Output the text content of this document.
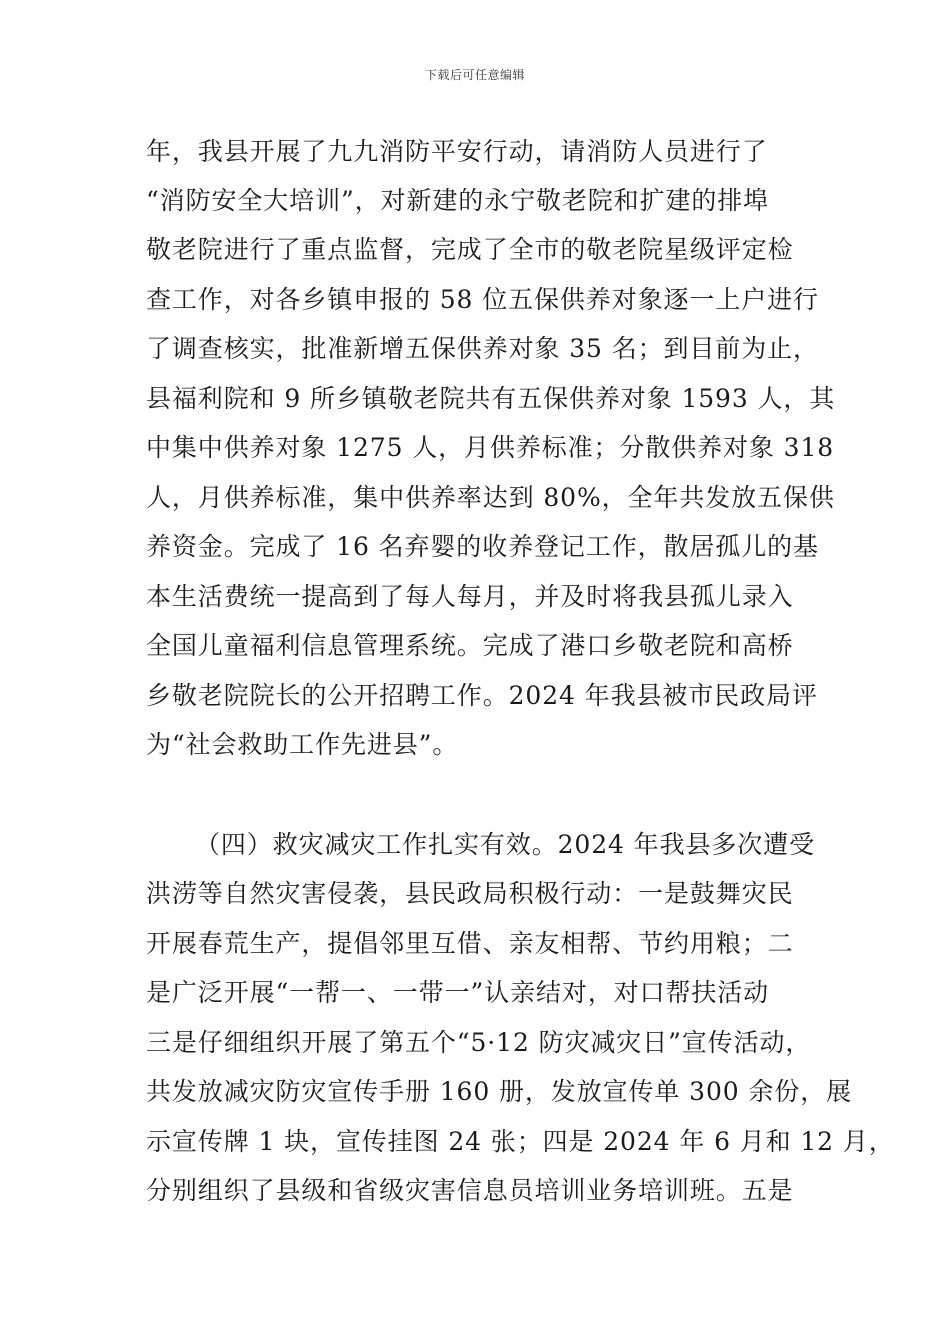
下载后可任意编辑
年，我县开展了九九消防平安行动，请消防人员进行了
“消防安全大培训”，对新建的永宁敬老院和扩建的排埠
敬老院进行了重点监督，完成了全市的敬老院星级评定检
查工作，对各乡镇申报的 58 位五保供养对象逐一上户进行
了调查核实，批准新增五保供养对象 35 名；到目前为止，
县福利院和 9 所乡镇敬老院共有五保供养对象 1593 人，其
中集中供养对象 1275 人，月供养标准；分散供养对象 318
人，月供养标准，集中供养率达到 80%，全年共发放五保供
养资金。完成了 16 名弃婴的收养登记工作，散居孤儿的基
本生活费统一提高到了每人每月，并及时将我县孤儿录入
全国儿童福利信息管理系统。完成了港口乡敬老院和高桥
乡敬老院院长的公开招聘工作。2024 年我县被市民政局评
为“社会救助工作先进县”。
（四）救灾减灾工作扎实有效。2024 年我县多次遭受
洪涝等自然灾害侵袭，县民政局积极行动：一是鼓舞灾民
开展春荒生产，提倡邻里互借、亲友相帮、节约用粮；二
是广泛开展“一帮一、一带一”认亲结对，对口帮扶活动
三是仔细组织开展了第五个“5·12 防灾减灾日”宣传活动，
共发放减灾防灾宣传手册 160 册，发放宣传单 300 余份，展
示宣传牌 1 块，宣传挂图 24 张；四是 2024 年 6 月和 12 月，
分别组织了县级和省级灾害信息员培训业务培训班。五是
